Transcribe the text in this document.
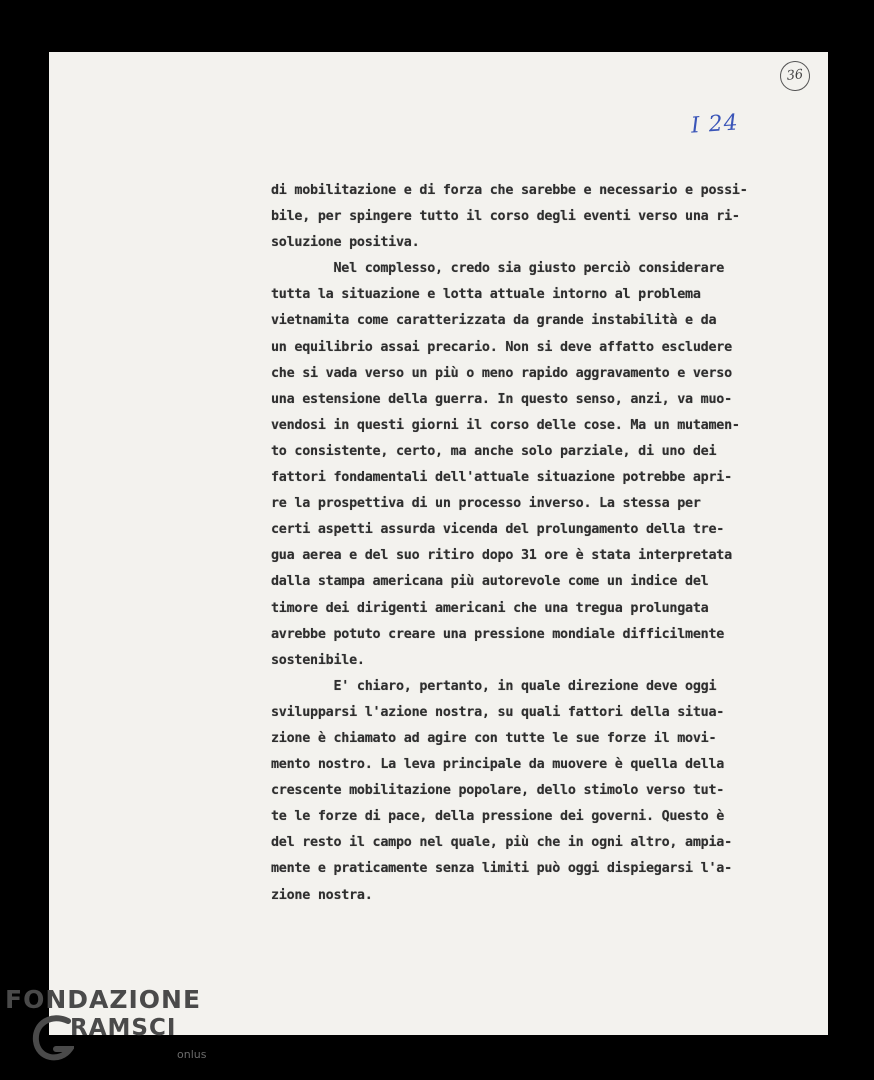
36
I 24
di mobilitazione e di forza che sarebbe e necessario e possi-
bile, per spingere tutto il corso degli eventi verso una ri-
soluzione positiva.
Nel complesso, credo sia giusto perciò considerare
tutta la situazione e lotta attuale intorno al problema
vietnamita come caratterizzata da grande instabilità e da
un equilibrio assai precario. Non si deve affatto escludere
che si vada verso un più o meno rapido aggravamento e verso
una estensione della guerra. In questo senso, anzi, va muo-
vendosi in questi giorni il corso delle cose. Ma un mutamen-
to consistente, certo, ma anche solo parziale, di uno dei
fattori fondamentali dell'attuale situazione potrebbe apri-
re la prospettiva di un processo inverso. La stessa per
certi aspetti assurda vicenda del prolungamento della tre-
gua aerea e del suo ritiro dopo 31 ore è stata interpretata
dalla stampa americana più autorevole come un indice del
timore dei dirigenti americani che una tregua prolungata
avrebbe potuto creare una pressione mondiale difficilmente
sostenibile.
E' chiaro, pertanto, in quale direzione deve oggi
svilupparsi l'azione nostra, su quali fattori della situa-
zione è chiamato ad agire con tutte le sue forze il movi-
mento nostro. La leva principale da muovere è quella della
crescente mobilitazione popolare, dello stimolo verso tut-
te le forze di pace, della pressione dei governi. Questo è
del resto il campo nel quale, più che in ogni altro, ampia-
mente e praticamente senza limiti può oggi dispiegarsi l'a-
zione nostra.
FONDAZIONE
RAMSCI
onlus
